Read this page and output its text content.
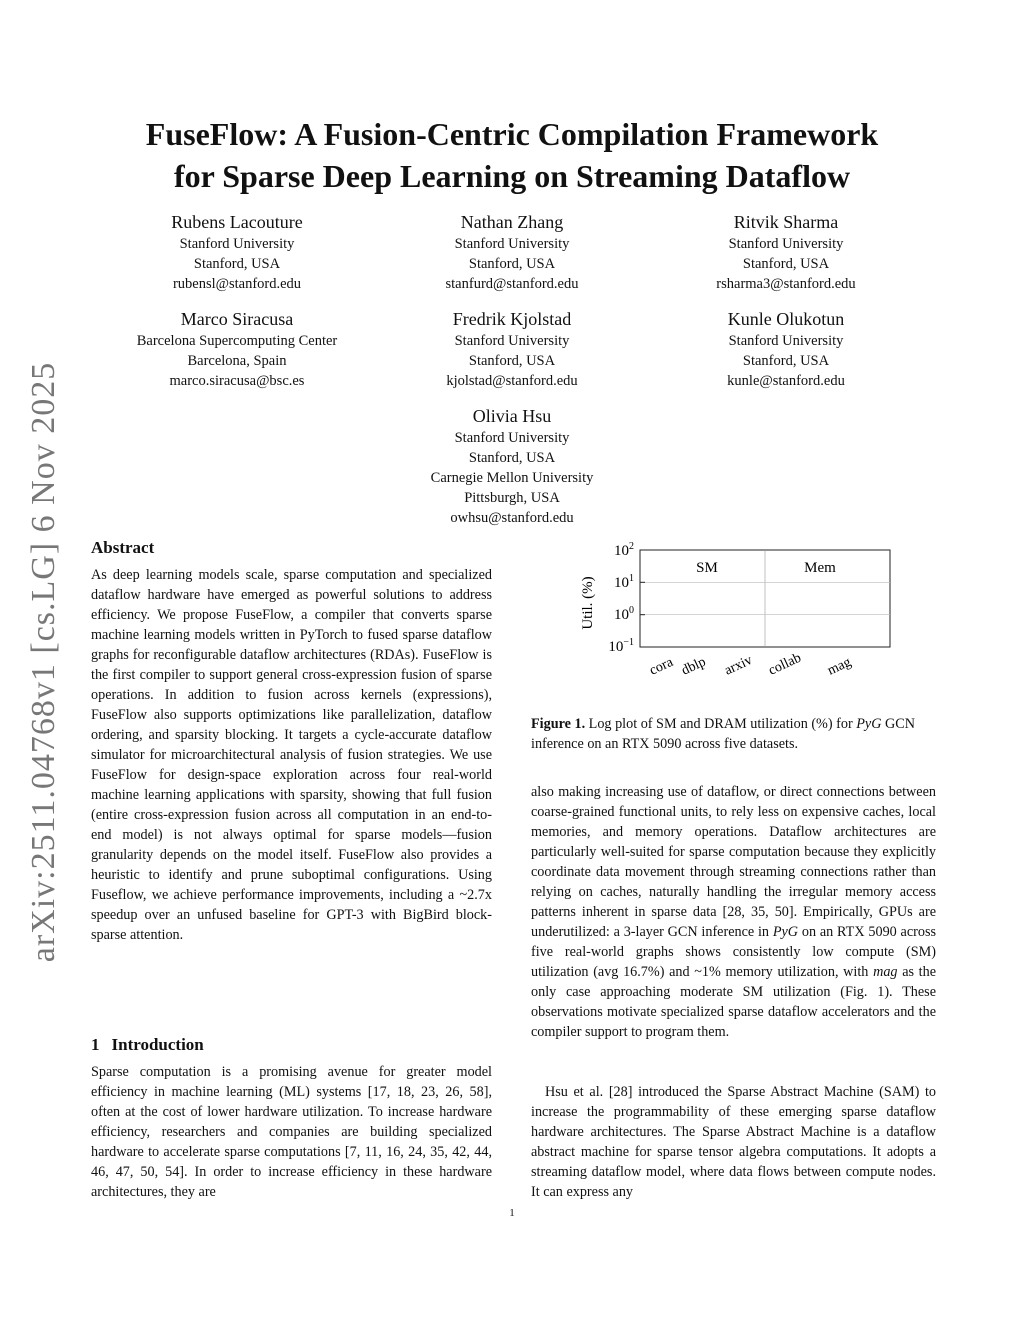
arXiv:2511.04768v1 [cs.LG] 6 Nov 2025
FuseFlow: A Fusion-Centric Compilation Framework
for Sparse Deep Learning on Streaming Dataflow
Rubens Lacouture
Stanford University
Stanford, USA
rubensl@stanford.edu
Nathan Zhang
Stanford University
Stanford, USA
stanfurd@stanford.edu
Ritvik Sharma
Stanford University
Stanford, USA
rsharma3@stanford.edu
Marco Siracusa
Barcelona Supercomputing Center
Barcelona, Spain
marco.siracusa@bsc.es
Fredrik Kjolstad
Stanford University
Stanford, USA
kjolstad@stanford.edu
Kunle Olukotun
Stanford University
Stanford, USA
kunle@stanford.edu
Olivia Hsu
Stanford University
Stanford, USA
Carnegie Mellon University
Pittsburgh, USA
owhsu@stanford.edu
Abstract

As deep learning models scale, sparse computation and specialized dataflow hardware have emerged as powerful solutions to address efficiency. We propose FuseFlow, a compiler that converts sparse machine learning models written in PyTorch to fused sparse dataflow graphs for reconfigurable dataflow architectures (RDAs). FuseFlow is the first compiler to support general cross-expression fusion of sparse operations. In addition to fusion across kernels (expressions), FuseFlow also supports optimizations like parallelization, dataflow ordering, and sparsity blocking. It targets a cycle-accurate dataflow simulator for microarchitectural analysis of fusion strategies. We use FuseFlow for design-space exploration across four real-world machine learning applications with sparsity, showing that full fusion (entire cross-expression fusion across all computation in an end-to-end model) is not always optimal for sparse models—fusion granularity depends on the model itself. FuseFlow also provides a heuristic to identify and prune suboptimal configurations. Using Fuseflow, we achieve performance improvements, including a ~2.7x speedup over an unfused baseline for GPT-3 with BigBird block-sparse attention.

1 Introduction

Sparse computation is a promising avenue for greater model efficiency in machine learning (ML) systems [17, 18, 23, 26, 58], often at the cost of lower hardware utilization. To increase hardware efficiency, researchers and companies are building specialized hardware to accelerate sparse computations [7, 11, 16, 24, 35, 42, 44, 46, 47, 50, 54]. In order to increase efficiency in these hardware architectures, they are

Util. (%)
$10^2$
$10^1$
$10^0$
$10^{-1}$
SM	Mem
cora dblp arxiv collab mag

Figure 1. Log plot of SM and DRAM utilization (%) for PyG GCN inference on an RTX 5090 across five datasets.

also making increasing use of dataflow, or direct connections between coarse-grained functional units, to rely less on expensive caches, local memories, and memory operations. Dataflow architectures are particularly well-suited for sparse computation because they explicitly coordinate data movement through streaming connections rather than relying on caches, naturally handling the irregular memory access patterns inherent in sparse data [28, 35, 50]. Empirically, GPUs are underutilized: a 3-layer GCN inference in PyG on an RTX 5090 across five real-world graphs shows consistently low compute (SM) utilization (avg 16.7%) and ~1% memory utilization, with mag as the only case approaching moderate SM utilization (Fig. 1). These observations motivate specialized sparse dataflow accelerators and the compiler support to program them.

Hsu et al. [28] introduced the Sparse Abstract Machine (SAM) to increase the programmability of these emerging sparse dataflow hardware architectures. The Sparse Abstract Machine is a dataflow abstract machine for sparse tensor algebra computations. It adopts a streaming dataflow model, where data flows between compute nodes. It can express any

1
